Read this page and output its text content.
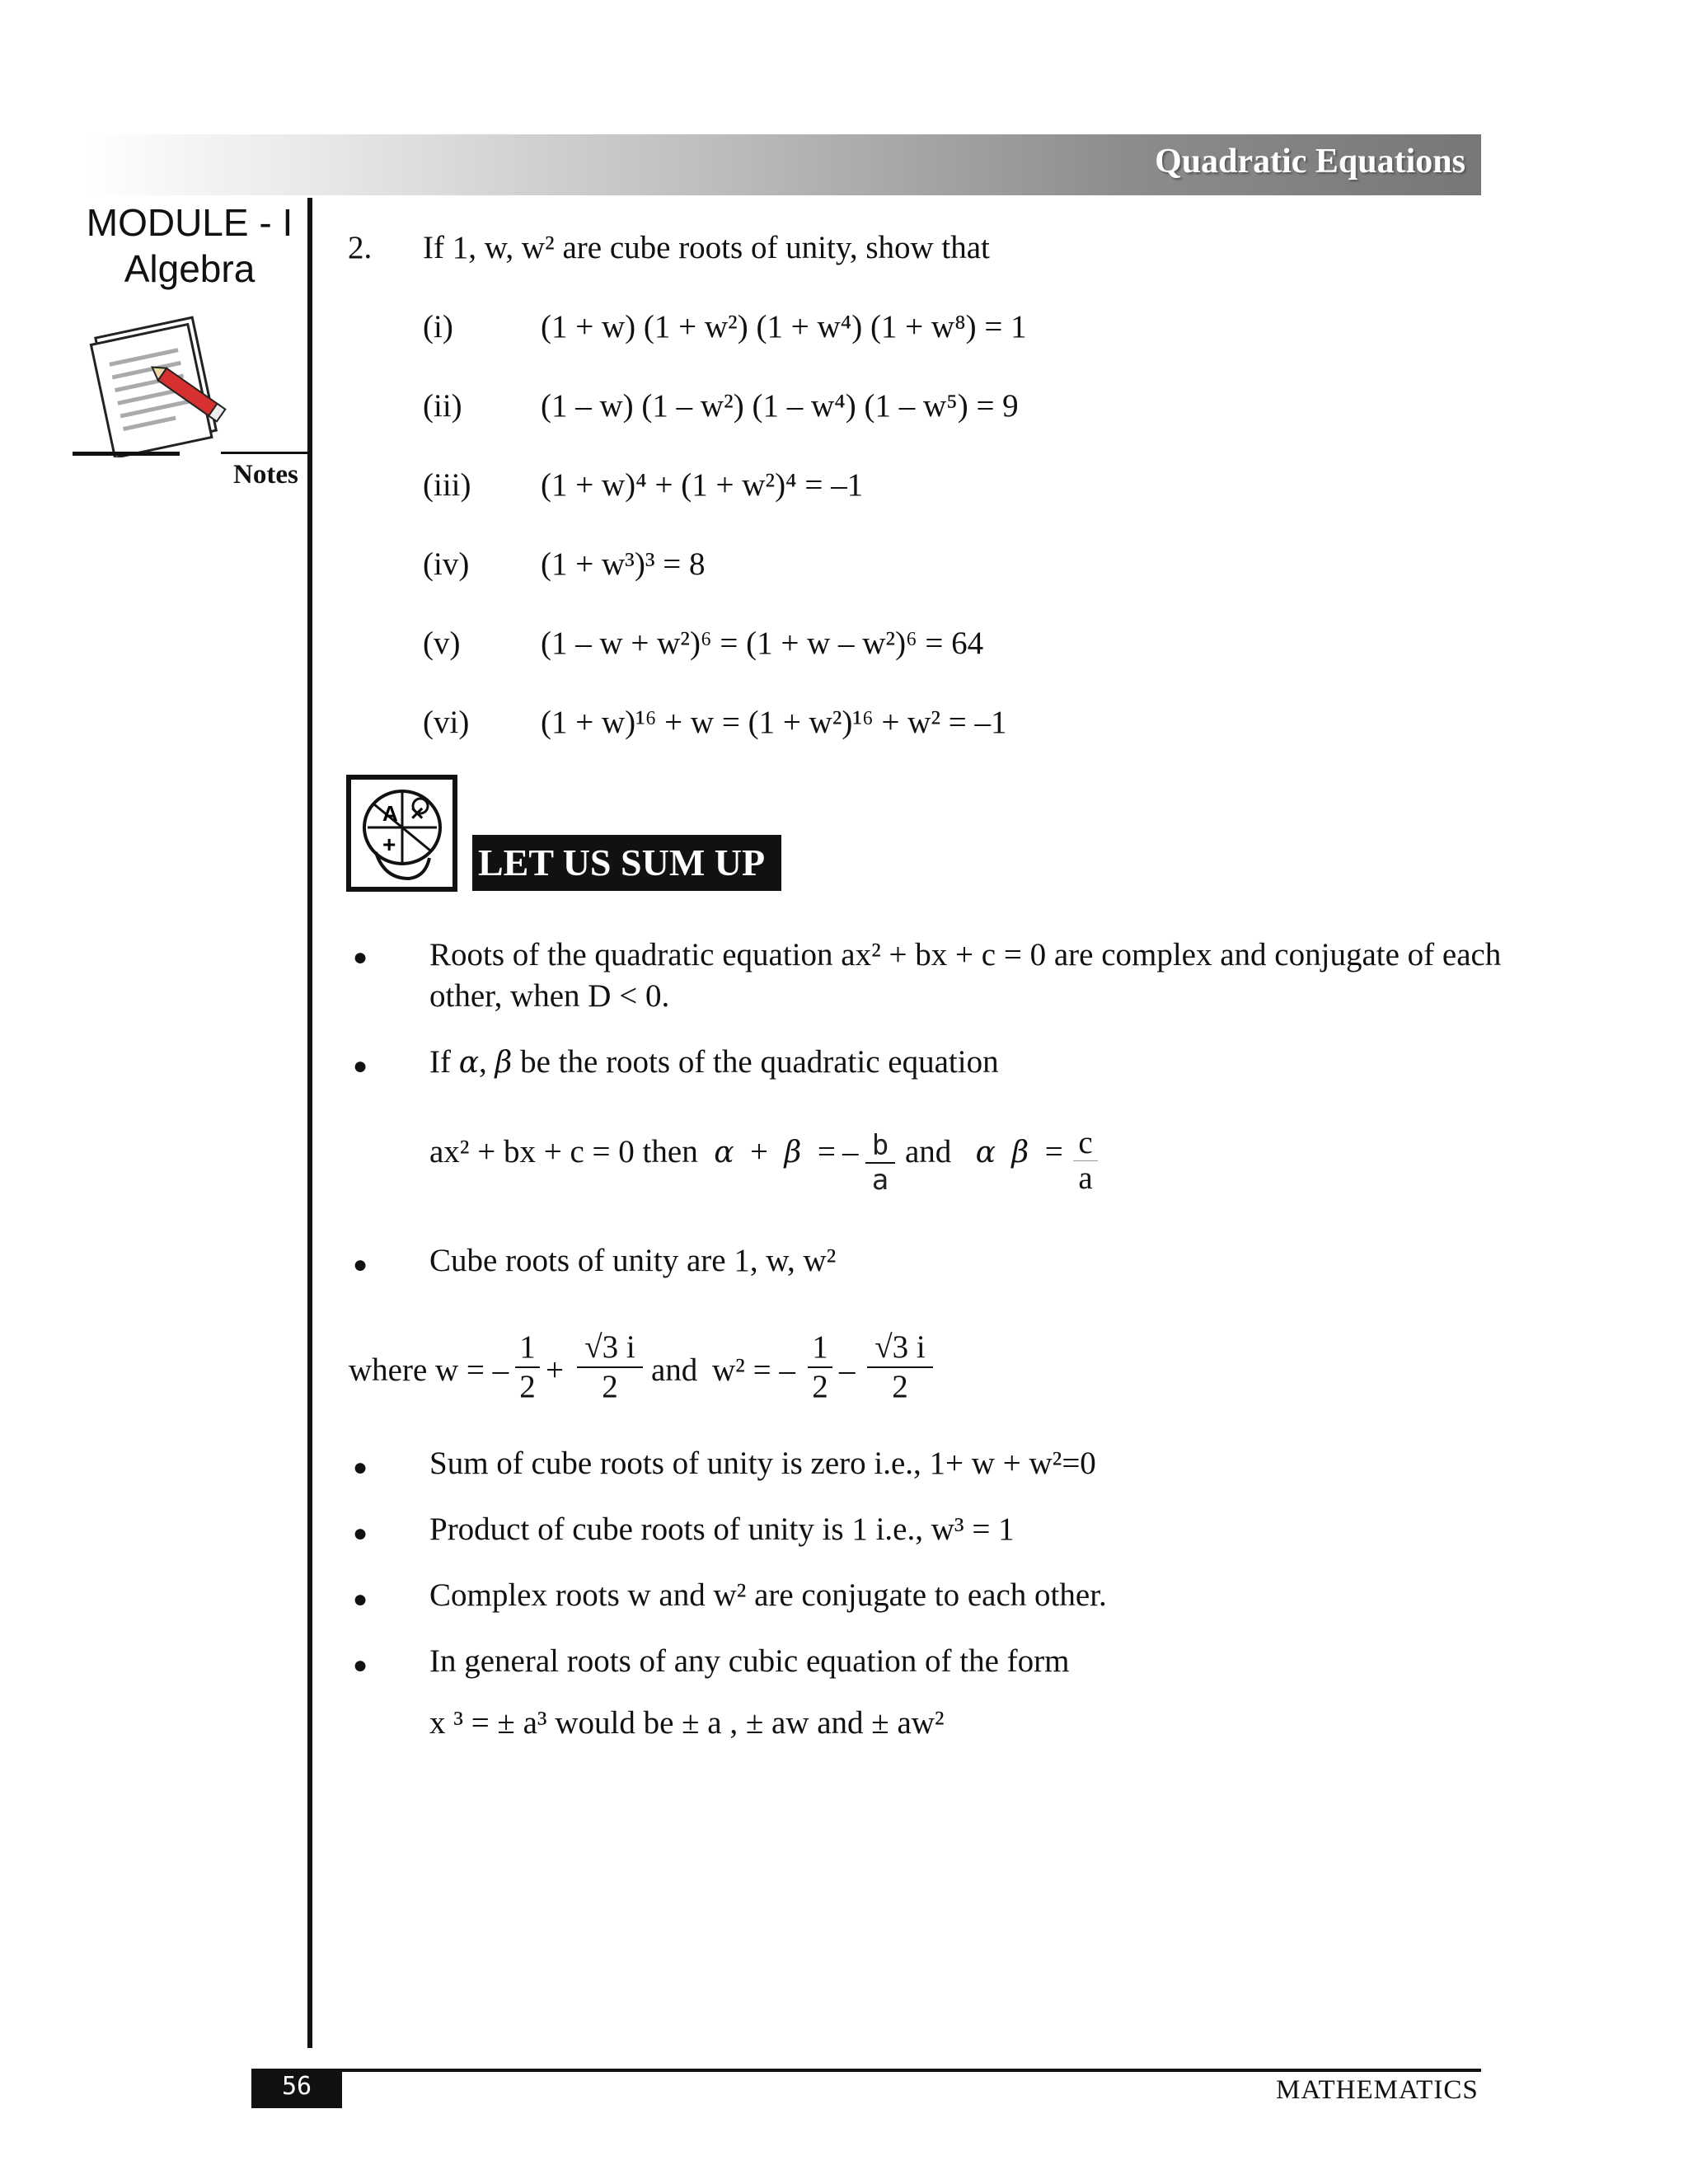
Quadratic Equations
MODULE - I
Algebra
Notes
2. If 1, w, w² are cube roots of unity, show that
(i)	(1 + w) (1 + w²) (1 + w⁴) (1 + w⁸) = 1
(ii) (1 – w) (1 – w²) (1 – w⁴) (1 – w⁵) = 9
(iii) (1 + w)⁴ + (1 + w²)⁴ = –1
(iv) (1 + w³)³ = 8
(v)	(1 – w + w²)⁶ = (1 + w – w²)⁶ = 64
(vi) (1 + w)¹⁶ + w = (1 + w²)¹⁶ + w² = –1
A ×
+ LET US SUM UP
● Roots of the quadratic equation ax² + bx + c = 0 are complex and conjugate of each
other, when D < 0.
● If α, β be the roots of the quadratic equation
ax² + bx + c = 0 then α + β = – b
a
and α β = c
a
● Cube roots of unity are 1, w, w²
where w = –
1
2 +
√3 i
2	and w² = –
1
2 –
√3 i
2
● Sum of cube roots of unity is zero i.e., 1+ w + w²=0
● Product of cube roots of unity is 1 i.e., w³ = 1
● Complex roots w and w² are conjugate to each other.
● In general roots of any cubic equation of the form
x ³ = ± a³ would be ± a , ± aw and ± aw²
56	MATHEMATICS
